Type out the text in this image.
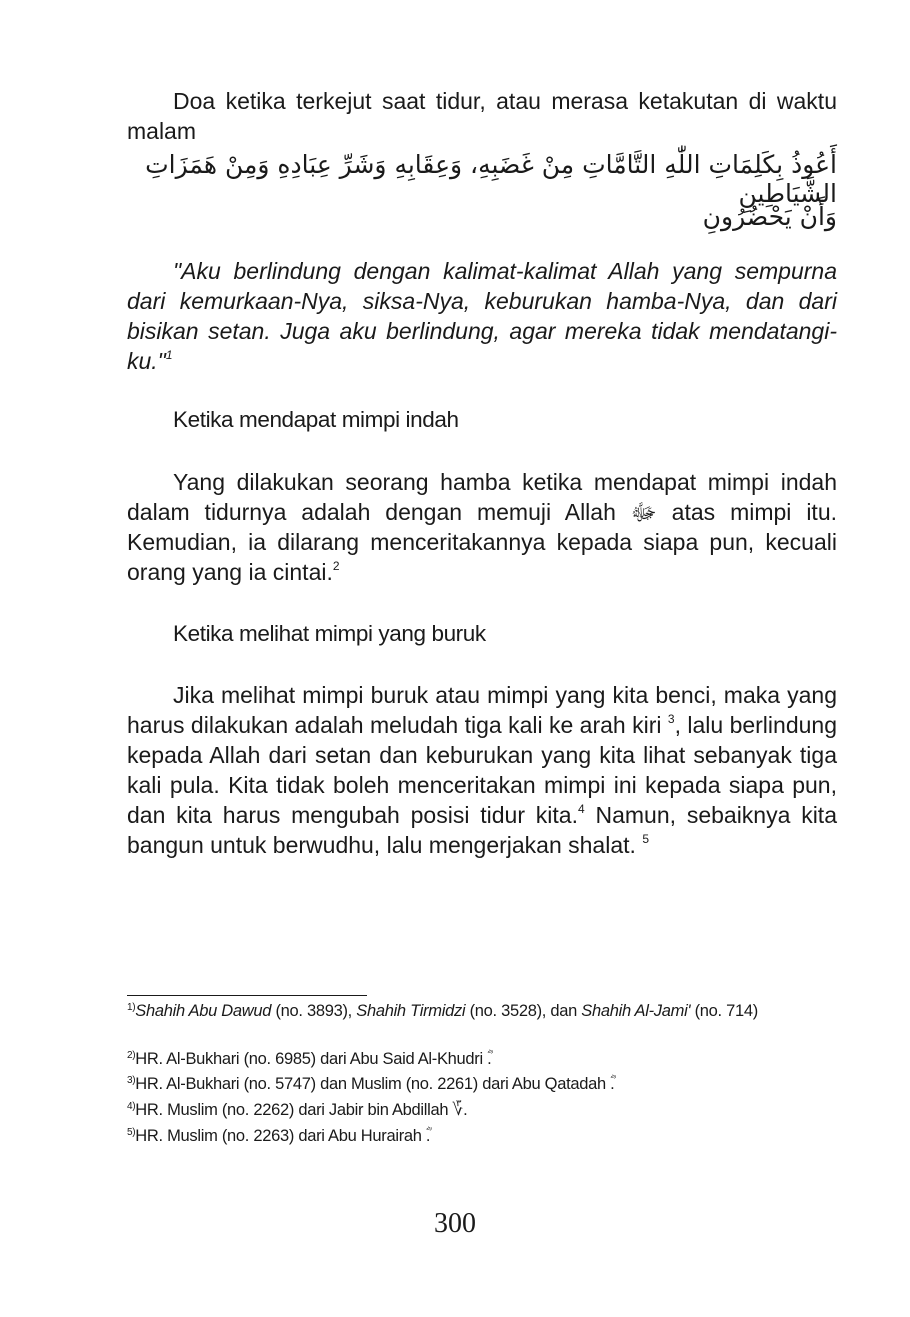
Doa ketika terkejut saat tidur, atau merasa ketakutan di waktu malam

أَعُوذُ بِكَلِمَاتِ اللّٰهِ التَّامَّاتِ مِنْ غَضَبِهِ، وَعِقَابِهِ وَشَرِّ عِبَادِهِ وَمِنْ هَمَزَاتِ الشَّيَاطِينِ

وَأَنْ يَحْضُرُونِ

"Aku berlindung dengan kalimat-kalimat Allah yang sempurna dari kemurkaan-Nya, siksa-Nya, keburukan hamba-Nya, dan dari bisikan setan. Juga aku berlindung, agar mereka tidak mendatangi-ku."$^1$

Ketika mendapat mimpi indah

Yang dilakukan seorang hamba ketika mendapat mimpi indah dalam tidurnya adalah dengan memuji Allah ﷻ atas mimpi itu. Kemudian, ia dilarang menceritakannya kepada siapa pun, kecuali orang yang ia cintai.$^2$

Ketika melihat mimpi yang buruk

Jika melihat mimpi buruk atau mimpi yang kita benci, maka yang harus dilakukan adalah meludah tiga kali ke arah kiri $^3$, lalu berlindung kepada Allah dari setan dan keburukan yang kita lihat sebanyak tiga kali pula. Kita tidak boleh menceritakan mimpi ini kepada siapa pun, dan kita harus mengubah posisi tidur kita.$^4$ Namun, sebaiknya kita bangun untuk berwudhu, lalu mengerjakan shalat. $^5$

$^{1)}$Shahih Abu Dawud (no. 3893), Shahih Tirmidzi (no. 3528), dan Shahih Al-Jami' (no. 714)

$^{2)}$HR. Al-Bukhari (no. 6985) dari Abu Said Al-Khudri ؓ.

$^{3)}$HR. Al-Bukhari (no. 5747) dan Muslim (no. 2261) dari Abu Qatadah ؓ.

$^{4)}$HR. Muslim (no. 2262) dari Jabir bin Abdillah ؆.

$^{5)}$HR. Muslim (no. 2263) dari Abu Hurairah ؓ.

300
